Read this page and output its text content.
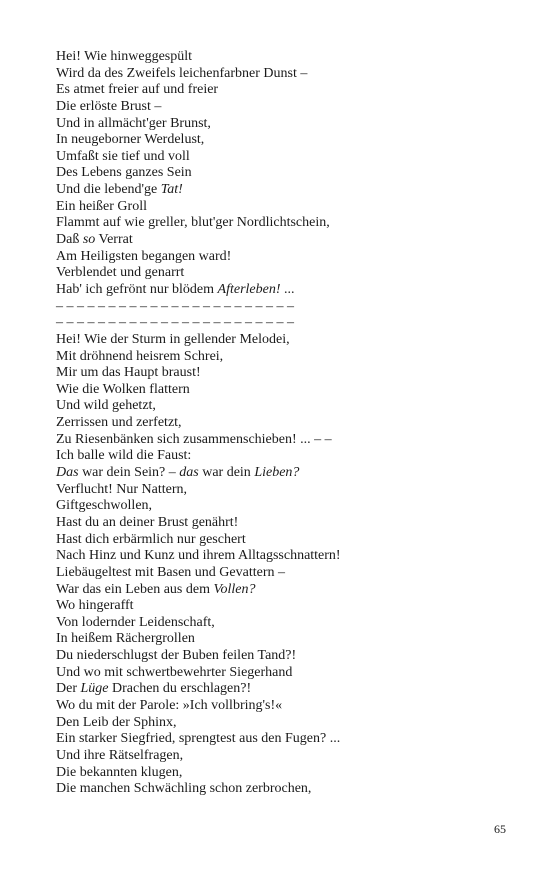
Hei! Wie hinweggespült
Wird da des Zweifels leichenfarbner Dunst –
Es atmet freier auf und freier
Die erlöste Brust –
Und in allmächt'ger Brunst,
In neugeborner Werdelust,
Umfaßt sie tief und voll
Des Lebens ganzes Sein
Und die lebend'ge Tat!
Ein heißer Groll
Flammt auf wie greller, blut'ger Nordlichtschein,
Daß so Verrat
Am Heiligsten begangen ward!
Verblendet und genarrt
Hab' ich gefrönt nur blödem Afterleben! ...
– – – – – – – – – – – – – – – – – – – – – – –
– – – – – – – – – – – – – – – – – – – – – – –
Hei! Wie der Sturm in gellender Melodei,
Mit dröhnend heisrem Schrei,
Mir um das Haupt braust!
Wie die Wolken flattern
Und wild gehetzt,
Zerrissen und zerfetzt,
Zu Riesenbänken sich zusammenschieben! ... – –
Ich balle wild die Faust:
Das war dein Sein? – das war dein Lieben?
Verflucht! Nur Nattern,
Giftgeschwollen,
Hast du an deiner Brust genährt!
Hast dich erbärmlich nur geschert
Nach Hinz und Kunz und ihrem Alltagsschnattern!
Liebäugeltest mit Basen und Gevattern –
War das ein Leben aus dem Vollen?
Wo hingerafft
Von lodernder Leidenschaft,
In heißem Rächergrollen
Du niederschlugst der Buben feilen Tand?!
Und wo mit schwertbewehrter Siegerhand
Der Lüge Drachen du erschlagen?!
Wo du mit der Parole: »Ich vollbring's!«
Den Leib der Sphinx,
Ein starker Siegfried, sprengtest aus den Fugen? ...
Und ihre Rätselfragen,
Die bekannten klugen,
Die manchen Schwächling schon zerbrochen,
65
